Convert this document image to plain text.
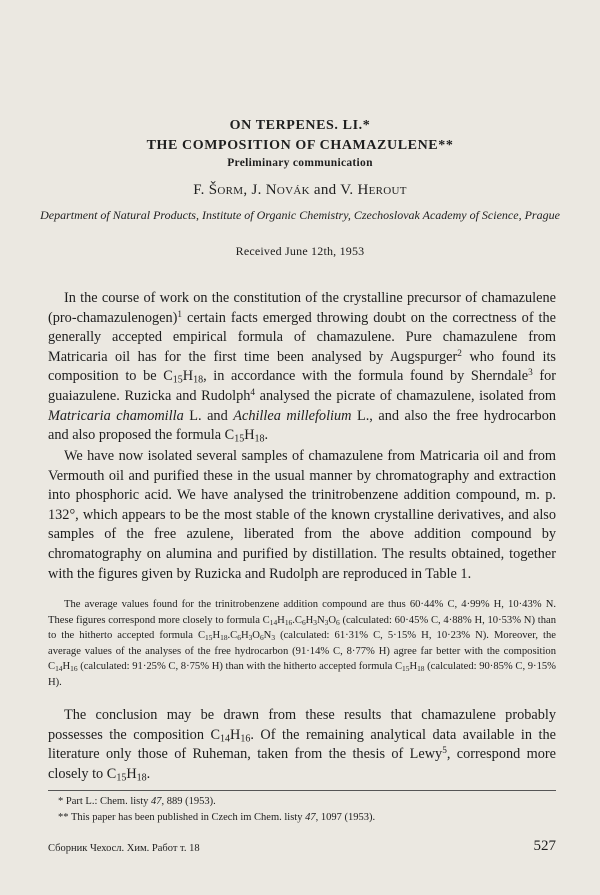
ON TERPENES. LI.*
THE COMPOSITION OF CHAMAZULENE**
Preliminary communication
F. Šorm, J. Novák and V. Herout
Department of Natural Products, Institute of Organic Chemistry, Czechoslovak Academy of Science, Prague
Received June 12th, 1953

In the course of work on the constitution of the crystalline precursor of chamazulene (pro-chamazulenogen)$^1$ certain facts emerged throwing doubt on the correctness of the generally accepted empirical formula of chamazulene. Pure chamazulene from Matricaria oil has for the first time been analysed by Augspurger$^2$ who found its composition to be $C_{15}H_{18}$, in accordance with the formula found by Sherndale$^3$ for guaiazulene. Ruzicka and Rudolph$^4$ analysed the picrate of chamazulene, isolated from Matricaria chamomilla L. and Achillea millefolium L., and also the free hydrocarbon and also proposed the formula $C_{15}H_{18}$.

We have now isolated several samples of chamazulene from Matricaria oil and from Vermouth oil and purified these in the usual manner by chromatography and extraction into phosphoric acid. We have analysed the trinitrobenzene addition compound, m. p. 132°, which appears to be the most stable of the known crystalline derivatives, and also samples of the free azulene, liberated from the above addition compound by chromatography on alumina and purified by distillation. The results obtained, together with the figures given by Ruzicka and Rudolph are reproduced in Table 1.

The average values found for the trinitrobenzene addition compound are thus 60·44% C, 4·99% H, 10·43% N. These figures correspond more closely to formula $C_{14}H_{16}.C_6H_3N_3O_6$ (calculated: 60·45% C, 4·88% H, 10·53% N) than to the hitherto accepted formula $C_{15}H_{18}.C_6H_3O_6N_3$ (calculated: 61·31% C, 5·15% H, 10·23% N). Moreover, the average values of the analyses of the free hydrocarbon (91·14% C, 8·77% H) agree far better with the composition $C_{14}H_{16}$ (calculated: 91·25% C, 8·75% H) than with the hitherto accepted formula $C_{15}H_{18}$ (calculated: 90·85% C, 9·15% H).

The conclusion may be drawn from these results that chamazulene probably possesses the composition $C_{14}H_{16}$. Of the remaining analytical data available in the literature only those of Ruheman, taken from the thesis of Lewy$^5$, correspond more closely to $C_{15}H_{18}$.

* Part L.: Chem. listy 47, 889 (1953).
** This paper has been published in Czech im Chem. listy 47, 1097 (1953).
Сборник Чехосл. Хим. Работ т. 18	527
